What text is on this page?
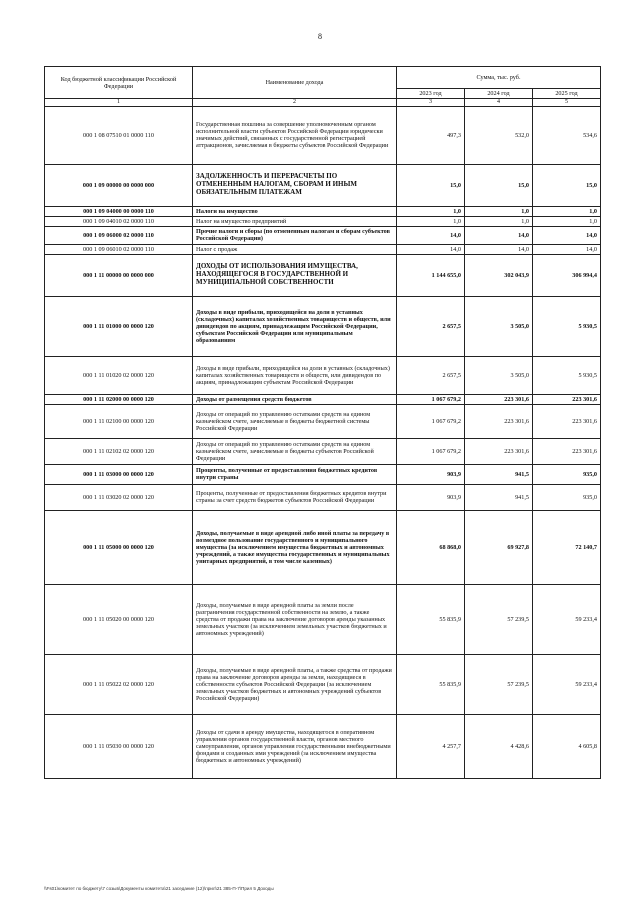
8
Код бюджетной классификации Российской Федерации	Наименование дохода	Сумма, тыс. руб.		
		2023 год	2024 год	2025 год
1	2	3	4	5
000 1 08 07510 01 0000 110	Государственная пошлина за совершение уполномоченным органом исполнительной власти субъектов Российской Федерации юридически значимых действий, связанных с государственной регистрацией аттракционов, зачисляемая в бюджеты субъектов Российской Федерации	497,3	532,0	534,6
000 1 09 00000 00 0000 000	ЗАДОЛЖЕННОСТЬ И ПЕРЕРАСЧЕТЫ ПО ОТМЕНЕННЫМ НАЛОГАМ, СБОРАМ И ИНЫМ ОБЯЗАТЕЛЬНЫМ ПЛАТЕЖАМ	15,0	15,0	15,0
000 1 09 04000 00 0000 110	Налоги на имущество	1,0	1,0	1,0
000 1 09 04010 02 0000 110	Налог на имущество предприятий	1,0	1,0	1,0
000 1 09 06000 02 0000 110	Прочие налоги и сборы (по отмененным налогам и сборам субъектов Российской Федерации)	14,0	14,0	14,0
000 1 09 06010 02 0000 110	Налог с продаж	14,0	14,0	14,0
000 1 11 00000 00 0000 000	ДОХОДЫ ОТ ИСПОЛЬЗОВАНИЯ ИМУЩЕСТВА, НАХОДЯЩЕГОСЯ В ГОСУДАРСТВЕННОЙ И МУНИЦИПАЛЬНОЙ СОБСТВЕННОСТИ	1 144 655,0	302 043,9	306 994,4
000 1 11 01000 00 0000 120	Доходы в виде прибыли, приходящейся на доли в уставных (складочных) капиталах хозяйственных товариществ и обществ, или дивидендов по акциям, принадлежащим Российской Федерации, субъектам Российской Федерации или муниципальным образованиям	2 657,5	3 505,0	5 930,5
000 1 11 01020 02 0000 120	Доходы в виде прибыли, приходящейся на доли в уставных (складочных) капиталах хозяйственных товариществ и обществ, или дивидендов по акциям, принадлежащим субъектам Российской Федерации	2 657,5	3 505,0	5 930,5
000 1 11 02000 00 0000 120	Доходы от размещения средств бюджетов	1 067 679,2	223 301,6	223 301,6
000 1 11 02100 00 0000 120	Доходы от операций по управлению остатками средств на едином казначейском счете, зачисляемые в бюджеты бюджетной системы Российской Федерации	1 067 679,2	223 301,6	223 301,6
000 1 11 02102 02 0000 120	Доходы от операций по управлению остатками средств на едином казначейском счете, зачисляемые в бюджеты субъектов Российской Федерации	1 067 679,2	223 301,6	223 301,6
000 1 11 03000 00 0000 120	Проценты, полученные от предоставления бюджетных кредитов внутри страны	903,9	941,5	935,0
000 1 11 03020 02 0000 120	Проценты, полученные от предоставления бюджетных кредитов внутри страны за счет средств бюджетов субъектов Российской Федерации	903,9	941,5	935,0
000 1 11 05000 00 0000 120	Доходы, получаемые в виде арендной либо иной платы за передачу в возмездное пользование государственного и муниципального имущества (за исключением имущества бюджетных и автономных учреждений, а также имущества государственных и муниципальных унитарных предприятий, в том числе казенных)	68 868,0	69 927,8	72 140,7
000 1 11 05020 00 0000 120	Доходы, получаемые в виде арендной платы за земли после разграничения государственной собственности на землю, а также средства от продажи права на заключение договоров аренды указанных земельных участков (за исключением земельных участков бюджетных и автономных учреждений)	55 835,9	57 239,5	59 233,4
000 1 11 05022 02 0000 120	Доходы, получаемые в виде арендной платы, а также средства от продажи права на заключение договоров аренды за земли, находящиеся в собственности субъектов Российской Федерации (за исключением земельных участков бюджетных и автономных учреждений субъектов Российской Федерации)	55 835,9	57 239,5	59 233,4
000 1 11 05030 00 0000 120	Доходы от сдачи в аренду имущества, находящегося в оперативном управлении органов государственной власти, органов местного самоуправления, органов управления государственными внебюджетными фондами и созданных ими учреждений (за исключением имущества бюджетных и автономных учреждений)	4 257,7	4 428,6	4 605,8
\\Fs01\комитет по бюджету\7 созыв\Документы комитета\21 заседание (12)\прил\21 385-П-7\Прил 5 Доходы
